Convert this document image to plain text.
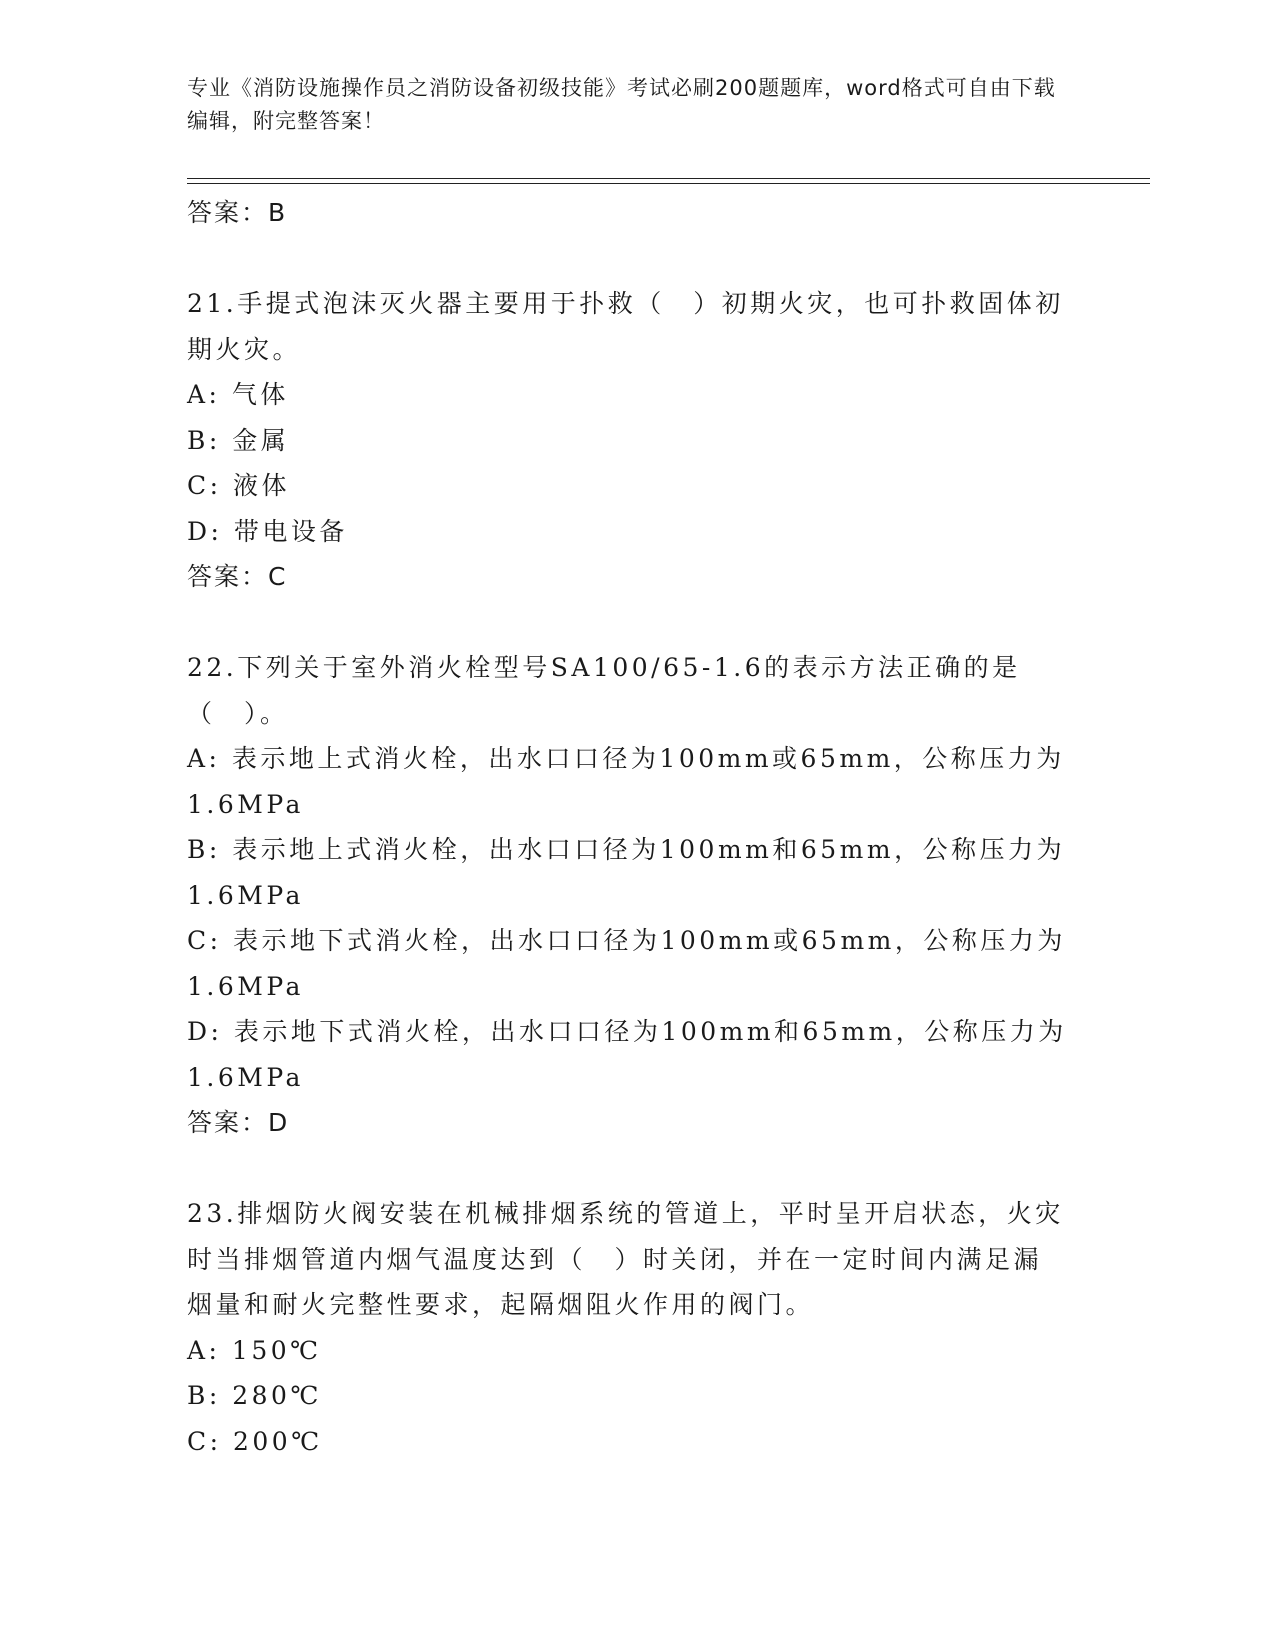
专业《消防设施操作员之消防设备初级技能》考试必刷200题题库，word格式可自由下载编辑，附完整答案！
答案：B
21.手提式泡沫灭火器主要用于扑救（　）初期火灾，也可扑救固体初期火灾。
A: 气体
B: 金属
C: 液体
D: 带电设备
答案：C
22.下列关于室外消火栓型号SA100/65-1.6的表示方法正确的是（　）。
A: 表示地上式消火栓，出水口口径为100mm或65mm，公称压力为1.6MPa
B: 表示地上式消火栓，出水口口径为100mm和65mm，公称压力为1.6MPa
C: 表示地下式消火栓，出水口口径为100mm或65mm，公称压力为1.6MPa
D: 表示地下式消火栓，出水口口径为100mm和65mm，公称压力为1.6MPa
答案：D
23.排烟防火阀安装在机械排烟系统的管道上，平时呈开启状态，火灾时当排烟管道内烟气温度达到（　）时关闭，并在一定时间内满足漏烟量和耐火完整性要求，起隔烟阻火作用的阀门。
A: 150℃
B: 280℃
C: 200℃
